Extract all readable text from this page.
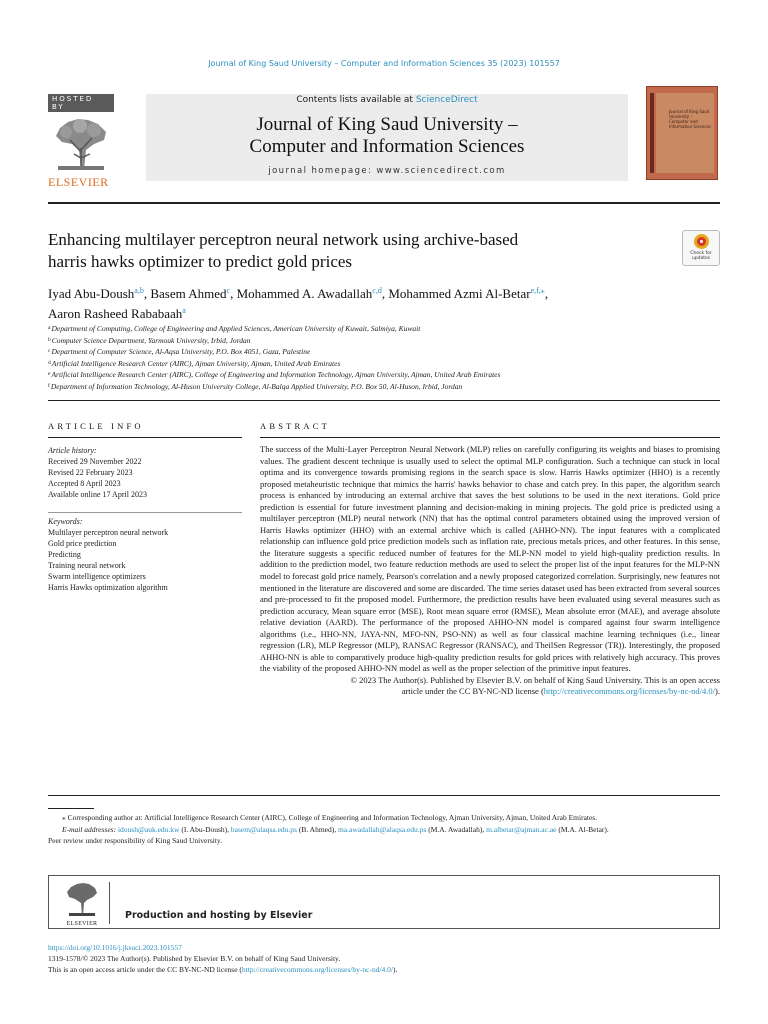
Journal of King Saud University – Computer and Information Sciences 35 (2023) 101557
HOSTED BY
ELSEVIER
Contents lists available at ScienceDirect
Journal of King Saud University –
Computer and Information Sciences
journal homepage: www.sciencedirect.com
Journal of King Saud University – Computer and Information Sciences
Enhancing multilayer perceptron neural network using archive-based
harris hawks optimizer to predict gold prices	Check for updates
Iyad Abu-Doush$^{a,b}$, Basem Ahmed$^c$, Mohammed A. Awadallah$^{c,d}$, Mohammed Azmi Al-Betar$^{e,f,⁎}$,
Aaron Rasheed Rababaah$^a$
$^a$Department of Computing, College of Engineering and Applied Sciences, American University of Kuwait, Salmiya, Kuwait
$^b$Computer Science Department, Yarmouk University, Irbid, Jordan
$^c$Department of Computer Science, Al-Aqsa University, P.O. Box 4051, Gaza, Palestine
$^d$Artificial Intelligence Research Center (AIRC), Ajman University, Ajman, United Arab Emirates
$^e$Artificial Intelligence Research Center (AIRC), College of Engineering and Information Technology, Ajman University, Ajman, United Arab Emirates
$^f$Department of Information Technology, Al-Huson University College, Al-Balqa Applied University, P.O. Box 50, Al-Huson, Irbid, Jordan
ARTICLE INFO	ABSTRACT
Article history:
Received 29 November 2022
Revised 22 February 2023
Accepted 8 April 2023
Available online 17 April 2023
Keywords:
Multilayer perceptron neural network
Gold price prediction
Predicting
Training neural network
Swarm intelligence optimizers
Harris Hawks optimization algorithm

The success of the Multi-Layer Perceptron Neural Network (MLP) relies on carefully configuring its weights and biases to promising values. The gradient descent technique is usually used to select the optimal MLP configuration. Such a technique can stuck in local optima and its convergence towards promising regions in the search space is slow. Harris Hawks optimizer (HHO) is a recently proposed metaheuristic technique that mimics the harris' hawks behavior to chase and catch prey. In this paper, the algorithm search process is enhanced by introducing an external archive that saves the best solutions to be used in the next iterations. Gold price prediction is essential for future investment planning and decision-making in mining projects. The gold price is predicted using a multilayer perceptron (MLP) neural network (NN) that has the optimal control parameters obtained using the improved version of Harris Hawks optimizer (HHO) with an external archive which is called (AHHO-NN). The input features with a complicated relationship can influence gold price prediction models such as inflation rate, precious metals prices, and other features. In this sense, the literature suggests a specific reduced number of features for the MLP-NN model to yield high-quality prediction results. In addition to the prediction model, two feature reduction methods are used to select the proper list of the input features for the MLP-NN model to forecast gold price namely, Pearson's correlation and a newly proposed categorized correlation. Surprisingly, new features not mentioned in the literature are discovered and some are discarded. The time series dataset used has been extracted from several sources and pre-processed to fit the proposed model. Furthermore, the prediction results have been evaluated using several measures such as prediction accuracy, Mean square error (MSE), Root mean square error (RMSE), Mean absolute error (MAE), and average absolute relative deviation (AARD). The performance of the proposed AHHO-NN model is compared against four swarm intelligence algorithms (i.e., HHO-NN, JAYA-NN, MFO-NN, PSO-NN) as well as four classical machine learning techniques (i.e., linear regression (LR), MLP Regressor (MLP), RANSAC Regressor (RANSAC), and TheilSen Regressor (TR)). Interestingly, the proposed AHHO-NN is able to comparatively produce high-quality prediction results for gold prices with relatively high accuracy. This proves the viability of the proposed AHHO-NN model as well as the proper selection of the primitive input features.

© 2023 The Author(s). Published by Elsevier B.V. on behalf of King Saud University. This is an open access

article under the CC BY-NC-ND license (http://creativecommons.org/licenses/by-nc-nd/4.0/).

⁎ Corresponding author at: Artificial Intelligence Research Center (AIRC), College of Engineering and Information Technology, Ajman University, Ajman, United Arab Emirates.
E-mail addresses: idoush@auk.edu.kw (I. Abu-Doush), basem@alaqsa.edu.ps (B. Ahmed), ma.awadallah@alaqsa.edu.ps (M.A. Awadallah), m.albetar@ajman.ac.ae (M.A. Al-Betar).
Peer review under responsibility of King Saud University.
ELSEVIER
Production and hosting by Elsevier
https://doi.org/10.1016/j.jksuci.2023.101557
1319-1578/© 2023 The Author(s). Published by Elsevier B.V. on behalf of King Saud University.
This is an open access article under the CC BY-NC-ND license (http://creativecommons.org/licenses/by-nc-nd/4.0/).
